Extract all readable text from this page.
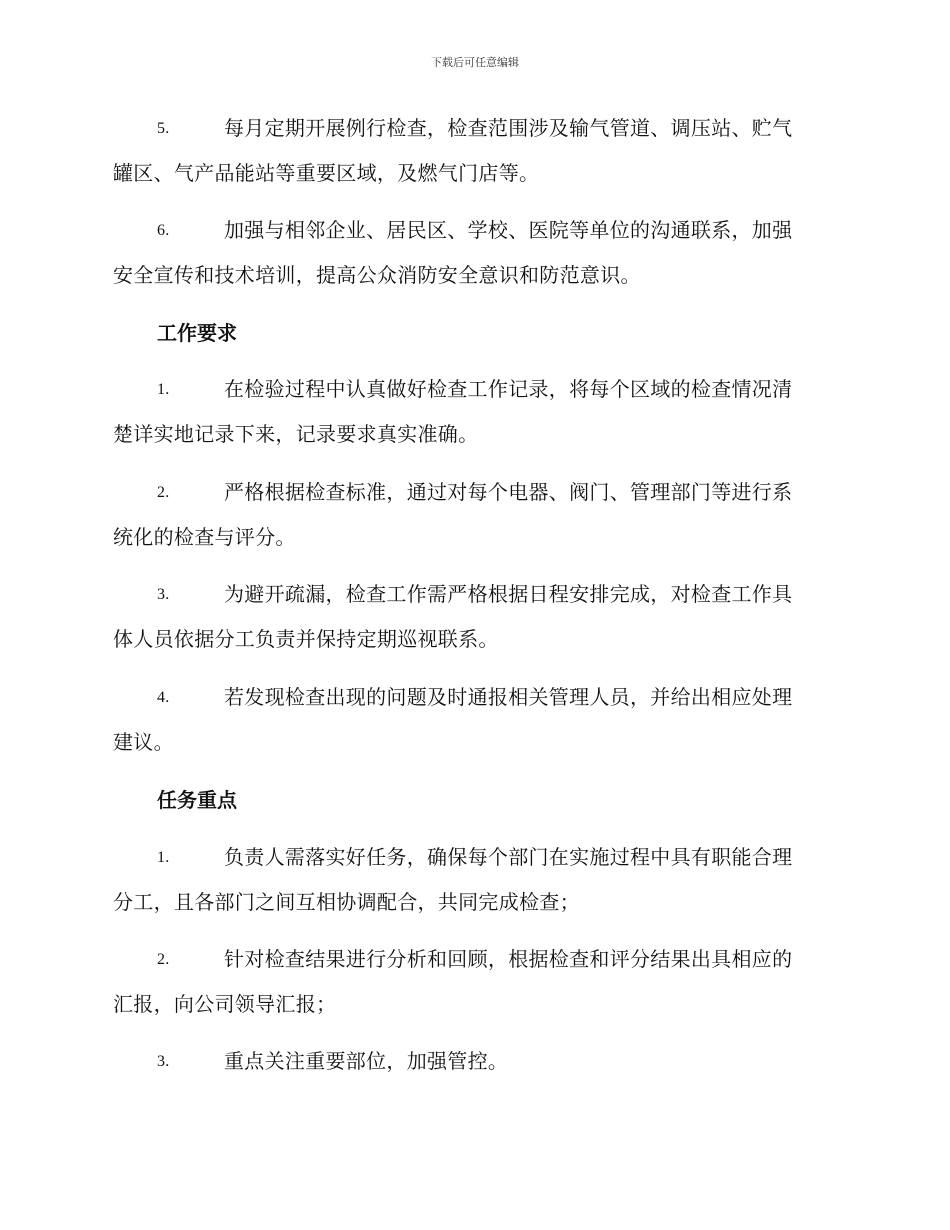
下载后可任意编辑
5.	每月定期开展例行检查，检查范围涉及输气管道、调压站、贮气
罐区、气产品能站等重要区域，及燃气门店等。
6.	加强与相邻企业、居民区、学校、医院等单位的沟通联系，加强
安全宣传和技术培训，提高公众消防安全意识和防范意识。
工作要求
1.	在检验过程中认真做好检查工作记录，将每个区域的检查情况清
楚详实地记录下来，记录要求真实准确。
2.	严格根据检查标准，通过对每个电器、阀门、管理部门等进行系
统化的检查与评分。
3.	为避开疏漏，检查工作需严格根据日程安排完成，对检查工作具
体人员依据分工负责并保持定期巡视联系。
4.	若发现检查出现的问题及时通报相关管理人员，并给出相应处理
建议。
任务重点
1.	负责人需落实好任务，确保每个部门在实施过程中具有职能合理
分工，且各部门之间互相协调配合，共同完成检查；
2.	针对检查结果进行分析和回顾，根据检查和评分结果出具相应的
汇报，向公司领导汇报；
3.	重点关注重要部位，加强管控。
